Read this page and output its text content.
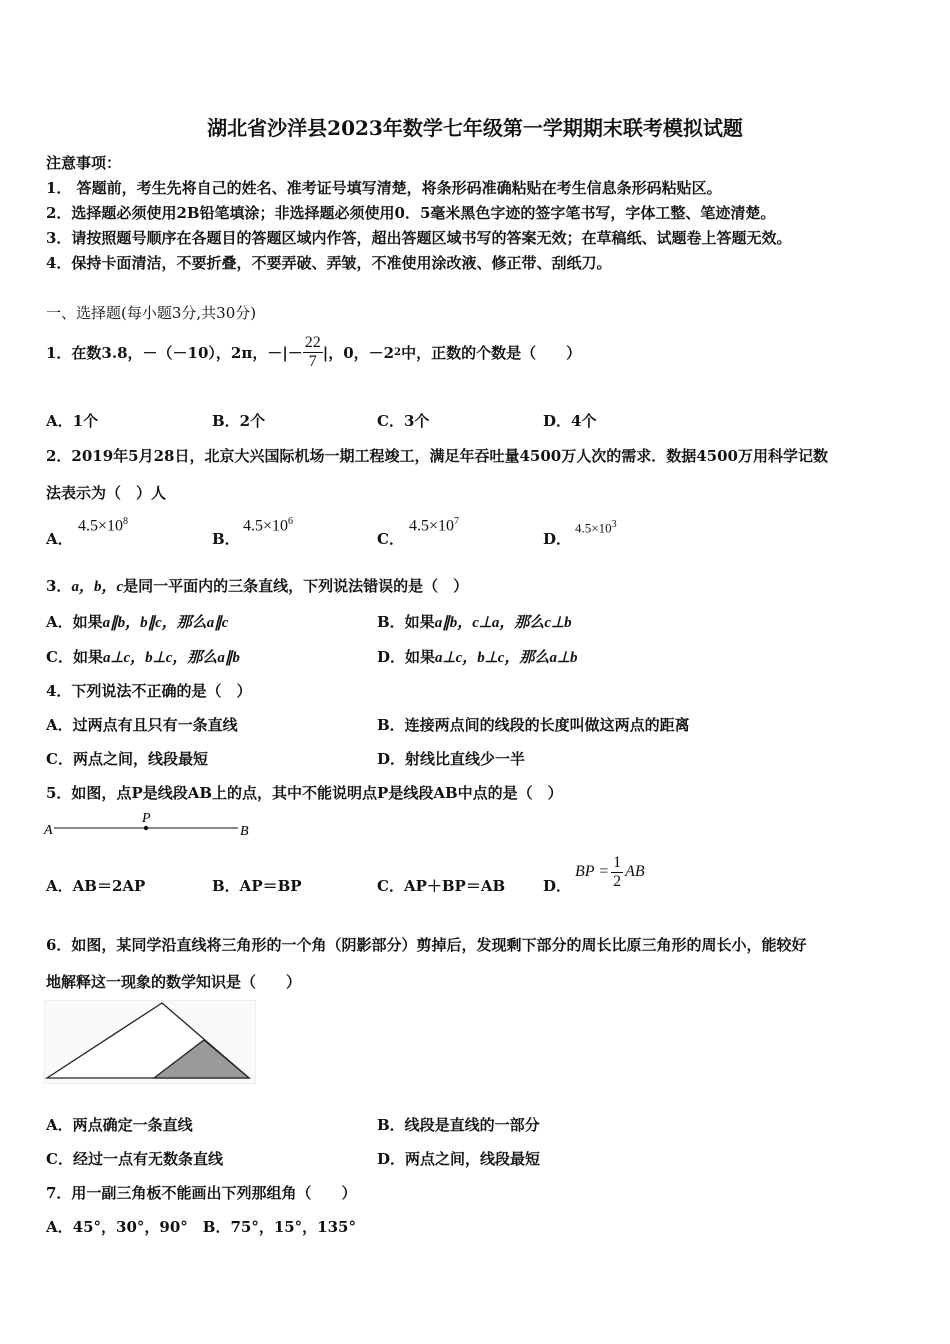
湖北省沙洋县2023年数学七年级第一学期期末联考模拟试题
注意事项：
1． 答题前，考生先将自己的姓名、准考证号填写清楚，将条形码准确粘贴在考生信息条形码粘贴区。
2．选择题必须使用2B铅笔填涂；非选择题必须使用0．5毫米黑色字迹的签字笔书写，字体工整、笔迹清楚。
3．请按照题号顺序在各题目的答题区域内作答，超出答题区域书写的答案无效；在草稿纸、试题卷上答题无效。
4．保持卡面清洁，不要折叠，不要弄破、弄皱，不准使用涂改液、修正带、刮纸刀。
一、选择题(每小题3分,共30分)
1．在数3.8，－（－10），2π，－|－ $\frac{22}{7}$ |，0，－2 2 中，正数的个数是（　　）
A．1个	B．2个	C．3个	D．4个
2．2019年5月28日，北京大兴国际机场一期工程竣工，满足年吞吐量4500万人次的需求．数据4500万用科学记数
法表示为（　）人
A．
$4.5\times 10^8$
B．
$4.5\times 10^6$
C．
$4.5\times 10^7$
D．
$4.5\times 10^3$
3．a，b，c是同一平面内的三条直线，下列说法错误的是（　）
A．如果a∥b，b∥c，那么a∥c	B．如果a∥b，c⊥a，那么c⊥b
C．如果a⊥c，b⊥c，那么a∥b	D．如果a⊥c，b⊥c，那么a⊥b
4．下列说法不正确的是（　）
A．过两点有且只有一条直线	B．连接两点间的线段的长度叫做这两点的距离
C．两点之间，线段最短	D．射线比直线少一半
5．如图，点P是线段AB上的点，其中不能说明点P是线段AB中点的是（　）
A
P
B
A．AB＝2AP	B．AP＝BP	C．AP＋BP＝AB	D．
BP = $\frac{1}{2}$ AB
6．如图，某同学沿直线将三角形的一个角（阴影部分）剪掉后，发现剩下部分的周长比原三角形的周长小，能较好
地解释这一现象的数学知识是（　　）
A．两点确定一条直线	B．线段是直线的一部分
C．经过一点有无数条直线	D．两点之间，线段最短
7．用一副三角板不能画出下列那组角（　　）
A．45°，30°，90°　B．75°，15°，135°
